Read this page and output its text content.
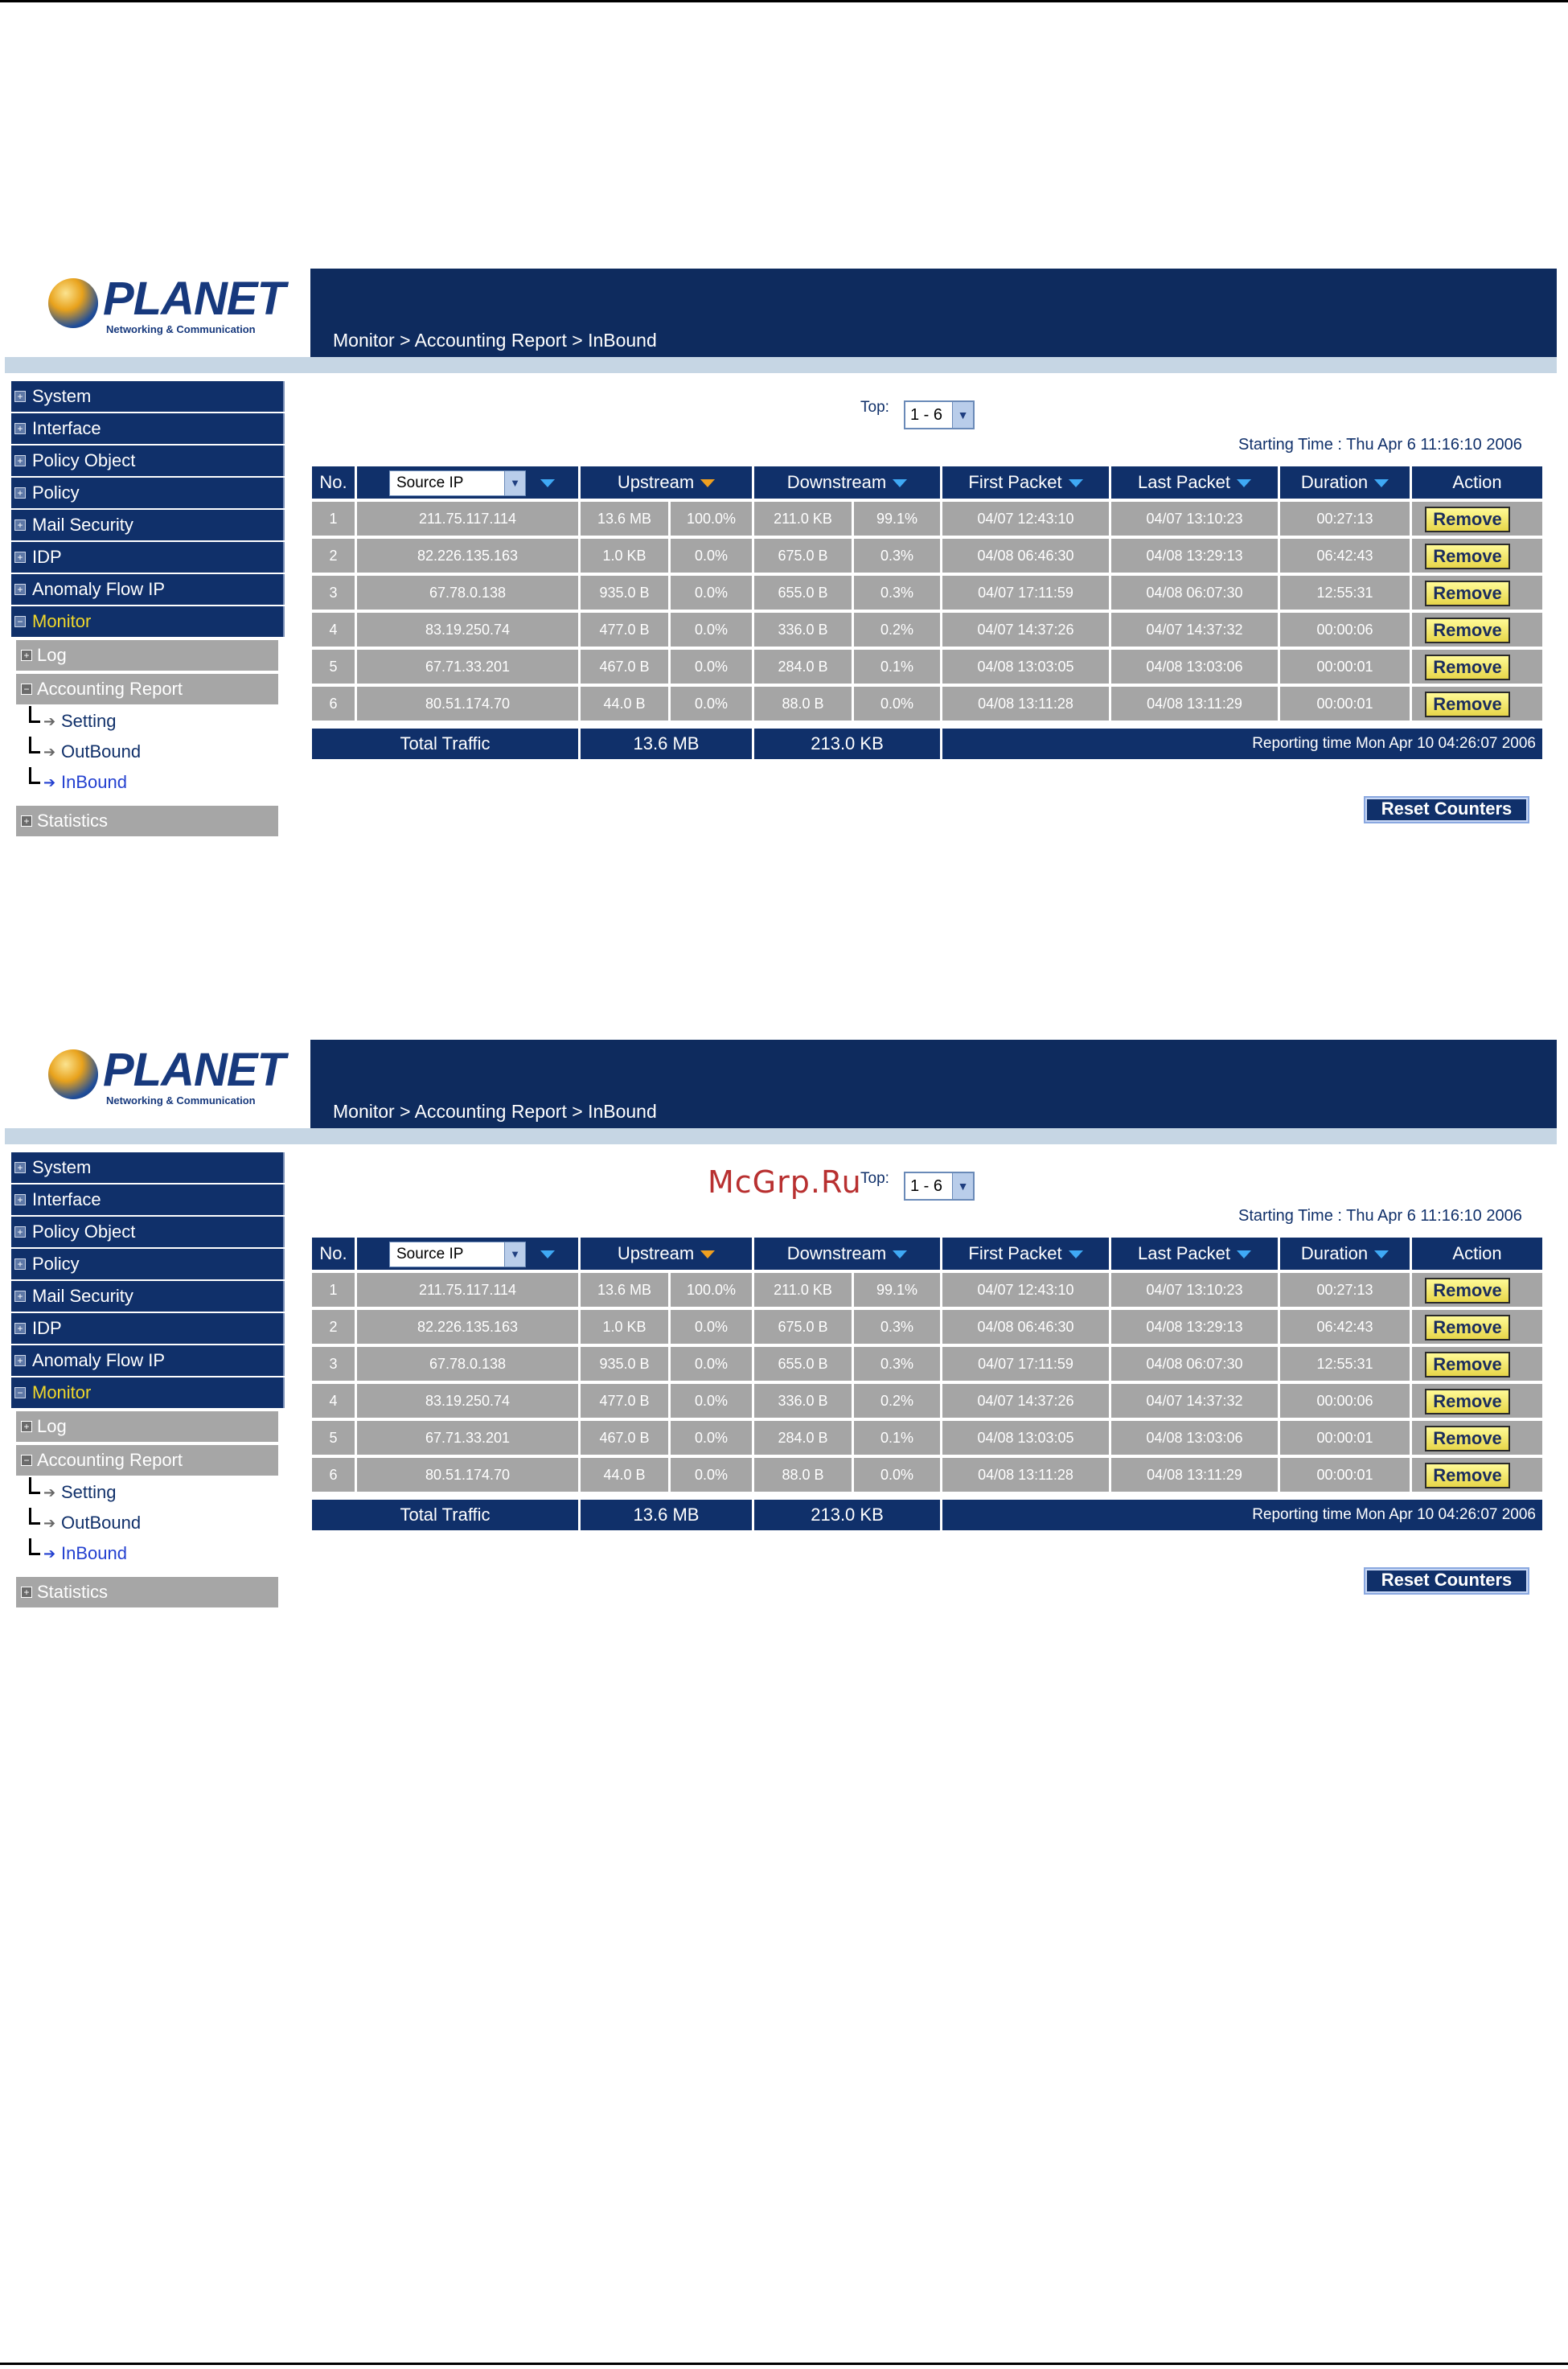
PLANET
Networking & Communication
Monitor > Accounting Report > InBound
+ System
+ Interface
+ Policy Object
+ Policy
+ Mail Security
+ IDP
+ Anomaly Flow IP
− Monitor
+ Log
− Accounting Report
➔ Setting
➔ OutBound
➔ InBound
+ Statistics
Top:	1 - 6	▼
Starting Time : Thu Apr 6 11:16:10 2006
No.	Source IP	▼	Upstream	Downstream	First Packet	Last Packet	Duration	Action
1	211.75.117.114	13.6 MB	100.0%	211.0 KB	99.1%	04/07 12:43:10	04/07 13:10:23	00:27:13	Remove
2	82.226.135.163	1.0 KB	0.0%	675.0 B	0.3%	04/08 06:46:30	04/08 13:29:13	06:42:43	Remove
3	67.78.0.138	935.0 B	0.0%	655.0 B	0.3%	04/07 17:11:59	04/08 06:07:30	12:55:31	Remove
4	83.19.250.74	477.0 B	0.0%	336.0 B	0.2%	04/07 14:37:26	04/07 14:37:32	00:00:06	Remove
5	67.71.33.201	467.0 B	0.0%	284.0 B	0.1%	04/08 13:03:05	04/08 13:03:06	00:00:01	Remove
6	80.51.174.70	44.0 B	0.0%	88.0 B	0.0%	04/08 13:11:28	04/08 13:11:29	00:00:01	Remove
Total Traffic	13.6 MB	213.0 KB	Reporting time Mon Apr 10 04:26:07 2006
Reset Counters
PLANET
Networking & Communication
Monitor > Accounting Report > InBound
+ System
+ Interface
+ Policy Object
+ Policy
+ Mail Security
+ IDP
+ Anomaly Flow IP
− Monitor
+ Log
− Accounting Report
➔ Setting
➔ OutBound
➔ InBound
+ Statistics
Top:	1 - 6	▼
Starting Time : Thu Apr 6 11:16:10 2006
No.	Source IP	▼	Upstream	Downstream	First Packet	Last Packet	Duration	Action
1	211.75.117.114	13.6 MB	100.0%	211.0 KB	99.1%	04/07 12:43:10	04/07 13:10:23	00:27:13	Remove
2	82.226.135.163	1.0 KB	0.0%	675.0 B	0.3%	04/08 06:46:30	04/08 13:29:13	06:42:43	Remove
3	67.78.0.138	935.0 B	0.0%	655.0 B	0.3%	04/07 17:11:59	04/08 06:07:30	12:55:31	Remove
4	83.19.250.74	477.0 B	0.0%	336.0 B	0.2%	04/07 14:37:26	04/07 14:37:32	00:00:06	Remove
5	67.71.33.201	467.0 B	0.0%	284.0 B	0.1%	04/08 13:03:05	04/08 13:03:06	00:00:01	Remove
6	80.51.174.70	44.0 B	0.0%	88.0 B	0.0%	04/08 13:11:28	04/08 13:11:29	00:00:01	Remove
Total Traffic	13.6 MB	213.0 KB	Reporting time Mon Apr 10 04:26:07 2006
Reset Counters
McGrp.Ru
